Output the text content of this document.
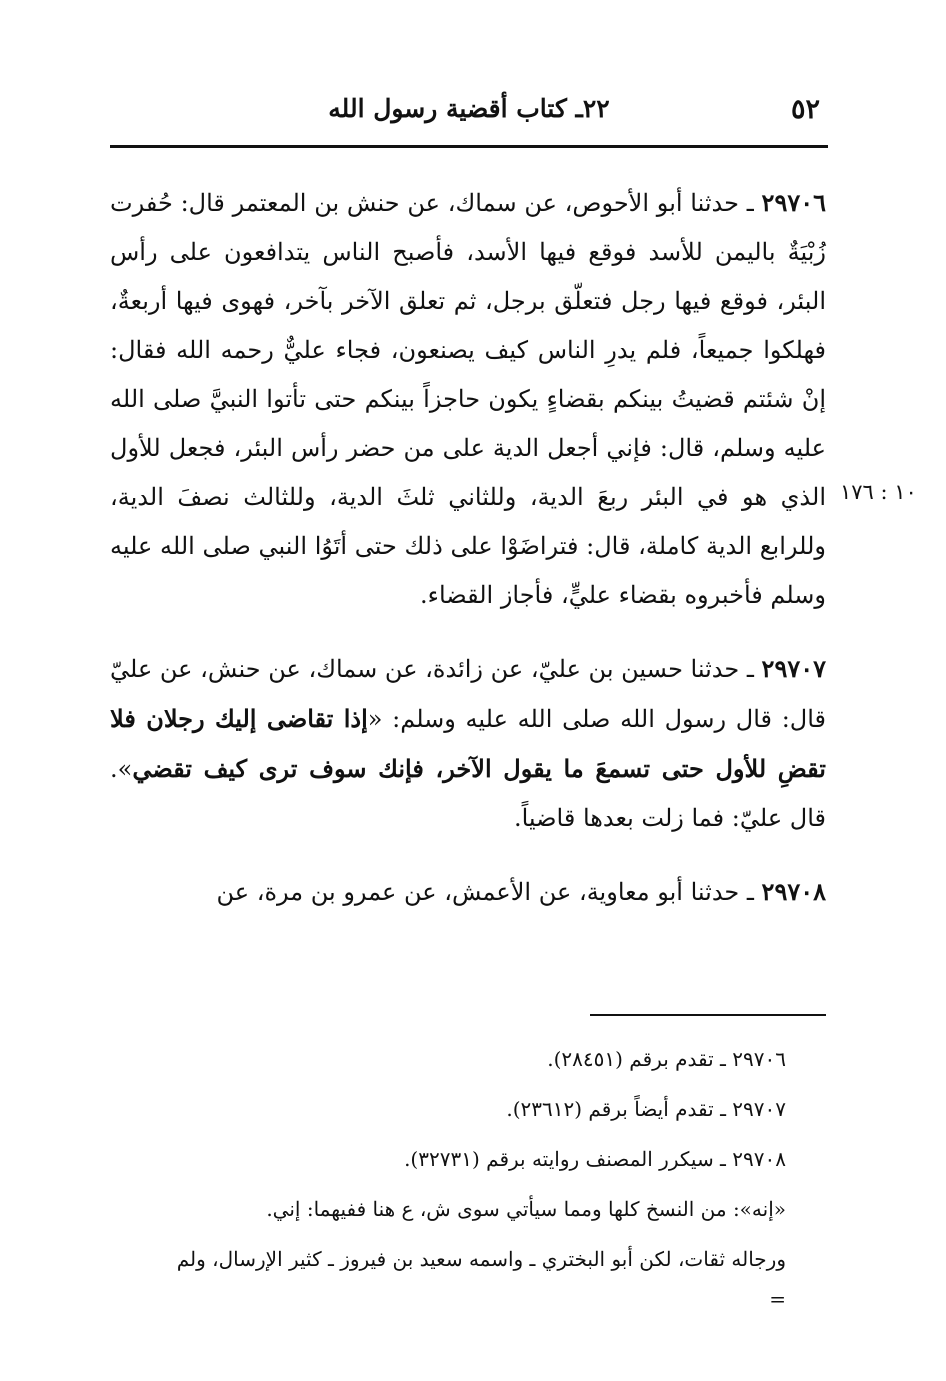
٥٢
٢٢ـ كتاب أقضية رسول الله
١٠ : ١٧٦

٢٩٧٠٦ ـ حدثنا أبو الأحوص، عن سماك، عن حنش بن المعتمر قال: حُفرت زُبْيَةٌ باليمن للأسد فوقع فيها الأسد، فأصبح الناس يتدافعون على رأس البئر، فوقع فيها رجل فتعلّق برجل، ثم تعلق الآخر بآخر، فهوى فيها أربعةٌ، فهلكوا جميعاً، فلم يدرِ الناس كيف يصنعون، فجاء عليٌّ رحمه الله فقال: إنْ شئتم قضيتُ بينكم بقضاءٍ يكون حاجزاً بينكم حتى تأتوا النبيَّ صلى الله عليه وسلم، قال: فإني أجعل الدية على من حضر رأس البئر، فجعل للأول الذي هو في البئر ربعَ الدية، وللثاني ثلثَ الدية، وللثالث نصفَ الدية، وللرابع الدية كاملة، قال: فتراضَوْا على ذلك حتى أتَوُا النبي صلى الله عليه وسلم فأخبروه بقضاء عليٍّ، فأجاز القضاء.

٢٩٧٠٧ ـ حدثنا حسين بن عليّ، عن زائدة، عن سماك، عن حنش، عن عليّ قال: قال رسول الله صلى الله عليه وسلم: «إذا تقاضى إليك رجلان فلا تقضِ للأول حتى تسمعَ ما يقول الآخر، فإنك سوف ترى كيف تقضي». قال عليّ: فما زلت بعدها قاضياً.

٢٩٧٠٨ ـ حدثنا أبو معاوية، عن الأعمش، عن عمرو بن مرة، عن

٢٩٧٠٦ ـ تقدم برقم (٢٨٤٥١).

٢٩٧٠٧ ـ تقدم أيضاً برقم (٢٣٦١٢).

٢٩٧٠٨ ـ سيكرر المصنف روايته برقم (٣٢٧٣١).

«إنه»: من النسخ كلها ومما سيأتي سوى ش، ع هنا ففيهما: إني.

ورجاله ثقات، لكن أبو البختري ـ واسمه سعيد بن فيروز ـ كثير الإرسال، ولم

=
